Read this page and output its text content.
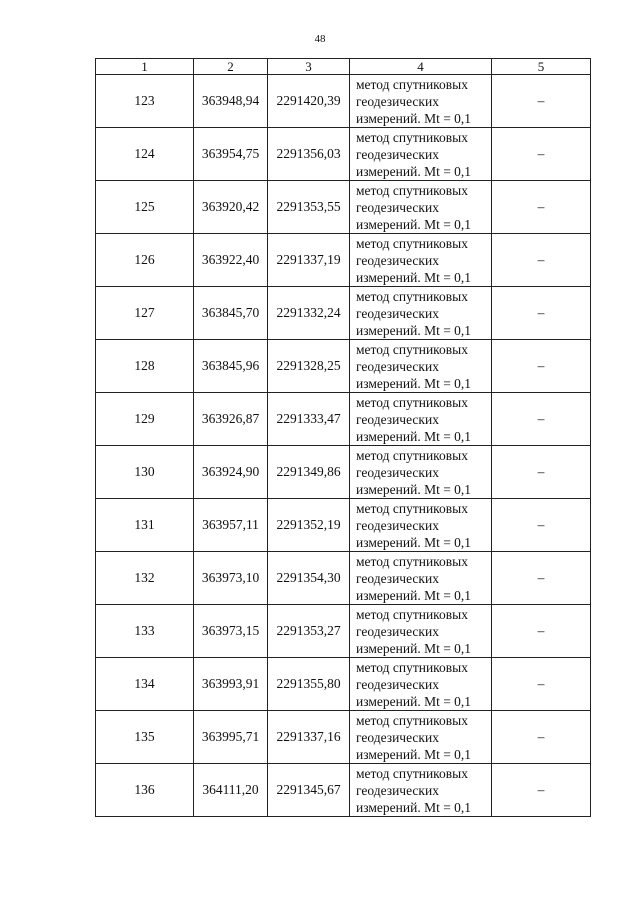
48
1	2	3	4	5
123	363948,94	2291420,39	метод спутниковых
геодезических
измерений. Mt = 0,1	–
124	363954,75	2291356,03	метод спутниковых
геодезических
измерений. Mt = 0,1	–
125	363920,42	2291353,55	метод спутниковых
геодезических
измерений. Mt = 0,1	–
126	363922,40	2291337,19	метод спутниковых
геодезических
измерений. Mt = 0,1	–
127	363845,70	2291332,24	метод спутниковых
геодезических
измерений. Mt = 0,1	–
128	363845,96	2291328,25	метод спутниковых
геодезических
измерений. Mt = 0,1	–
129	363926,87	2291333,47	метод спутниковых
геодезических
измерений. Mt = 0,1	–
130	363924,90	2291349,86	метод спутниковых
геодезических
измерений. Mt = 0,1	–
131	363957,11	2291352,19	метод спутниковых
геодезических
измерений. Mt = 0,1	–
132	363973,10	2291354,30	метод спутниковых
геодезических
измерений. Mt = 0,1	–
133	363973,15	2291353,27	метод спутниковых
геодезических
измерений. Mt = 0,1	–
134	363993,91	2291355,80	метод спутниковых
геодезических
измерений. Mt = 0,1	–
135	363995,71	2291337,16	метод спутниковых
геодезических
измерений. Mt = 0,1	–
136	364111,20	2291345,67	метод спутниковых
геодезических
измерений. Mt = 0,1	–
